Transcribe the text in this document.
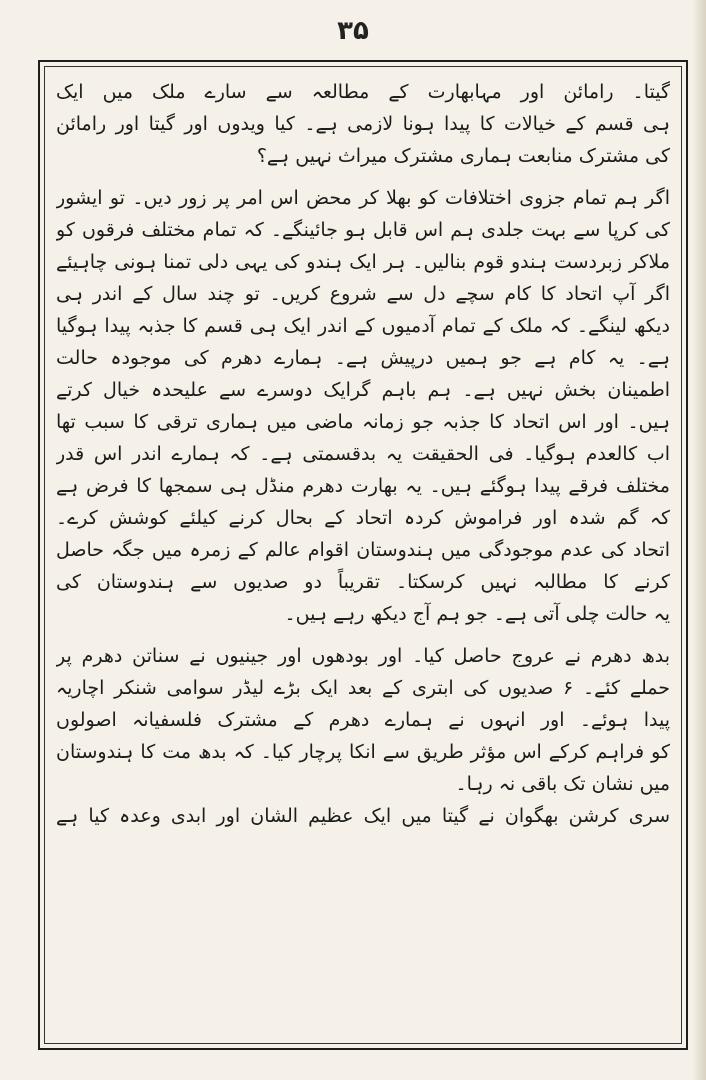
۳۵
گیتا۔ رامائن اور مہابھارت کے مطالعہ سے سارے ملک میں ایک
ہی قسم کے خیالات کا پیدا ہونا لازمی ہے۔ کیا ویدوں اور گیتا اور رامائن
کی مشترک منابعت ہماری مشترک میراث نہیں ہے؟
اگر ہم تمام جزوی اختلافات کو بھلا کر محض اس امر پر زور دیں۔ تو ایشور
کی کرپا سے بہت جلدی ہم اس قابل ہو جائینگے۔ کہ تمام مختلف فرقوں کو
ملاکر زبردست ہندو قوم بنالیں۔ ہر ایک ہندو کی یہی دلی تمنا ہونی چاہیئے
اگر آپ اتحاد کا کام سچے دل سے شروع کریں۔ تو چند سال کے اندر ہی
دیکھ لینگے۔ کہ ملک کے تمام آدمیوں کے اندر ایک ہی قسم کا جذبہ پیدا ہوگیا
ہے۔ یہ کام ہے جو ہمیں درپیش ہے۔ ہمارے دھرم کی موجودہ حالت
اطمینان بخش نہیں ہے۔ ہم باہم گرایک دوسرے سے علیحدہ خیال کرتے
ہیں۔ اور اس اتحاد کا جذبہ جو زمانہ ماضی میں ہماری ترقی کا سبب تھا
اب کالعدم ہوگیا۔ فی الحقیقت یہ بدقسمتی ہے۔ کہ ہمارے اندر اس قدر
مختلف فرقے پیدا ہوگئے ہیں۔ یہ بھارت دھرم منڈل ہی سمجھا کا فرض ہے
کہ گم شدہ اور فراموش کردہ اتحاد کے بحال کرنے کیلئے کوشش کرے۔
اتحاد کی عدم موجودگی میں ہندوستان اقوام عالم کے زمرہ میں جگہ حاصل
کرنے کا مطالبہ نہیں کرسکتا۔ تقریباً دو صدیوں سے ہندوستان کی
یہ حالت چلی آتی ہے۔ جو ہم آج دیکھ رہے ہیں۔
بدھ دھرم نے عروج حاصل کیا۔ اور بودھوں اور جینیوں نے سناتن دھرم پر
حملے کئے۔ ۶ صدیوں کی ابتری کے بعد ایک بڑے لیڈر سوامی شنکر اچاریہ
پیدا ہوئے۔ اور انہوں نے ہمارے دھرم کے مشترک فلسفیانہ اصولوں
کو فراہم کرکے اس مؤثر طریق سے انکا پرچار کیا۔ کہ بدھ مت کا ہندوستان
میں نشان تک باقی نہ رہا۔
سری کرشن بھگوان نے گیتا میں ایک عظیم الشان اور ابدی وعدہ کیا ہے
